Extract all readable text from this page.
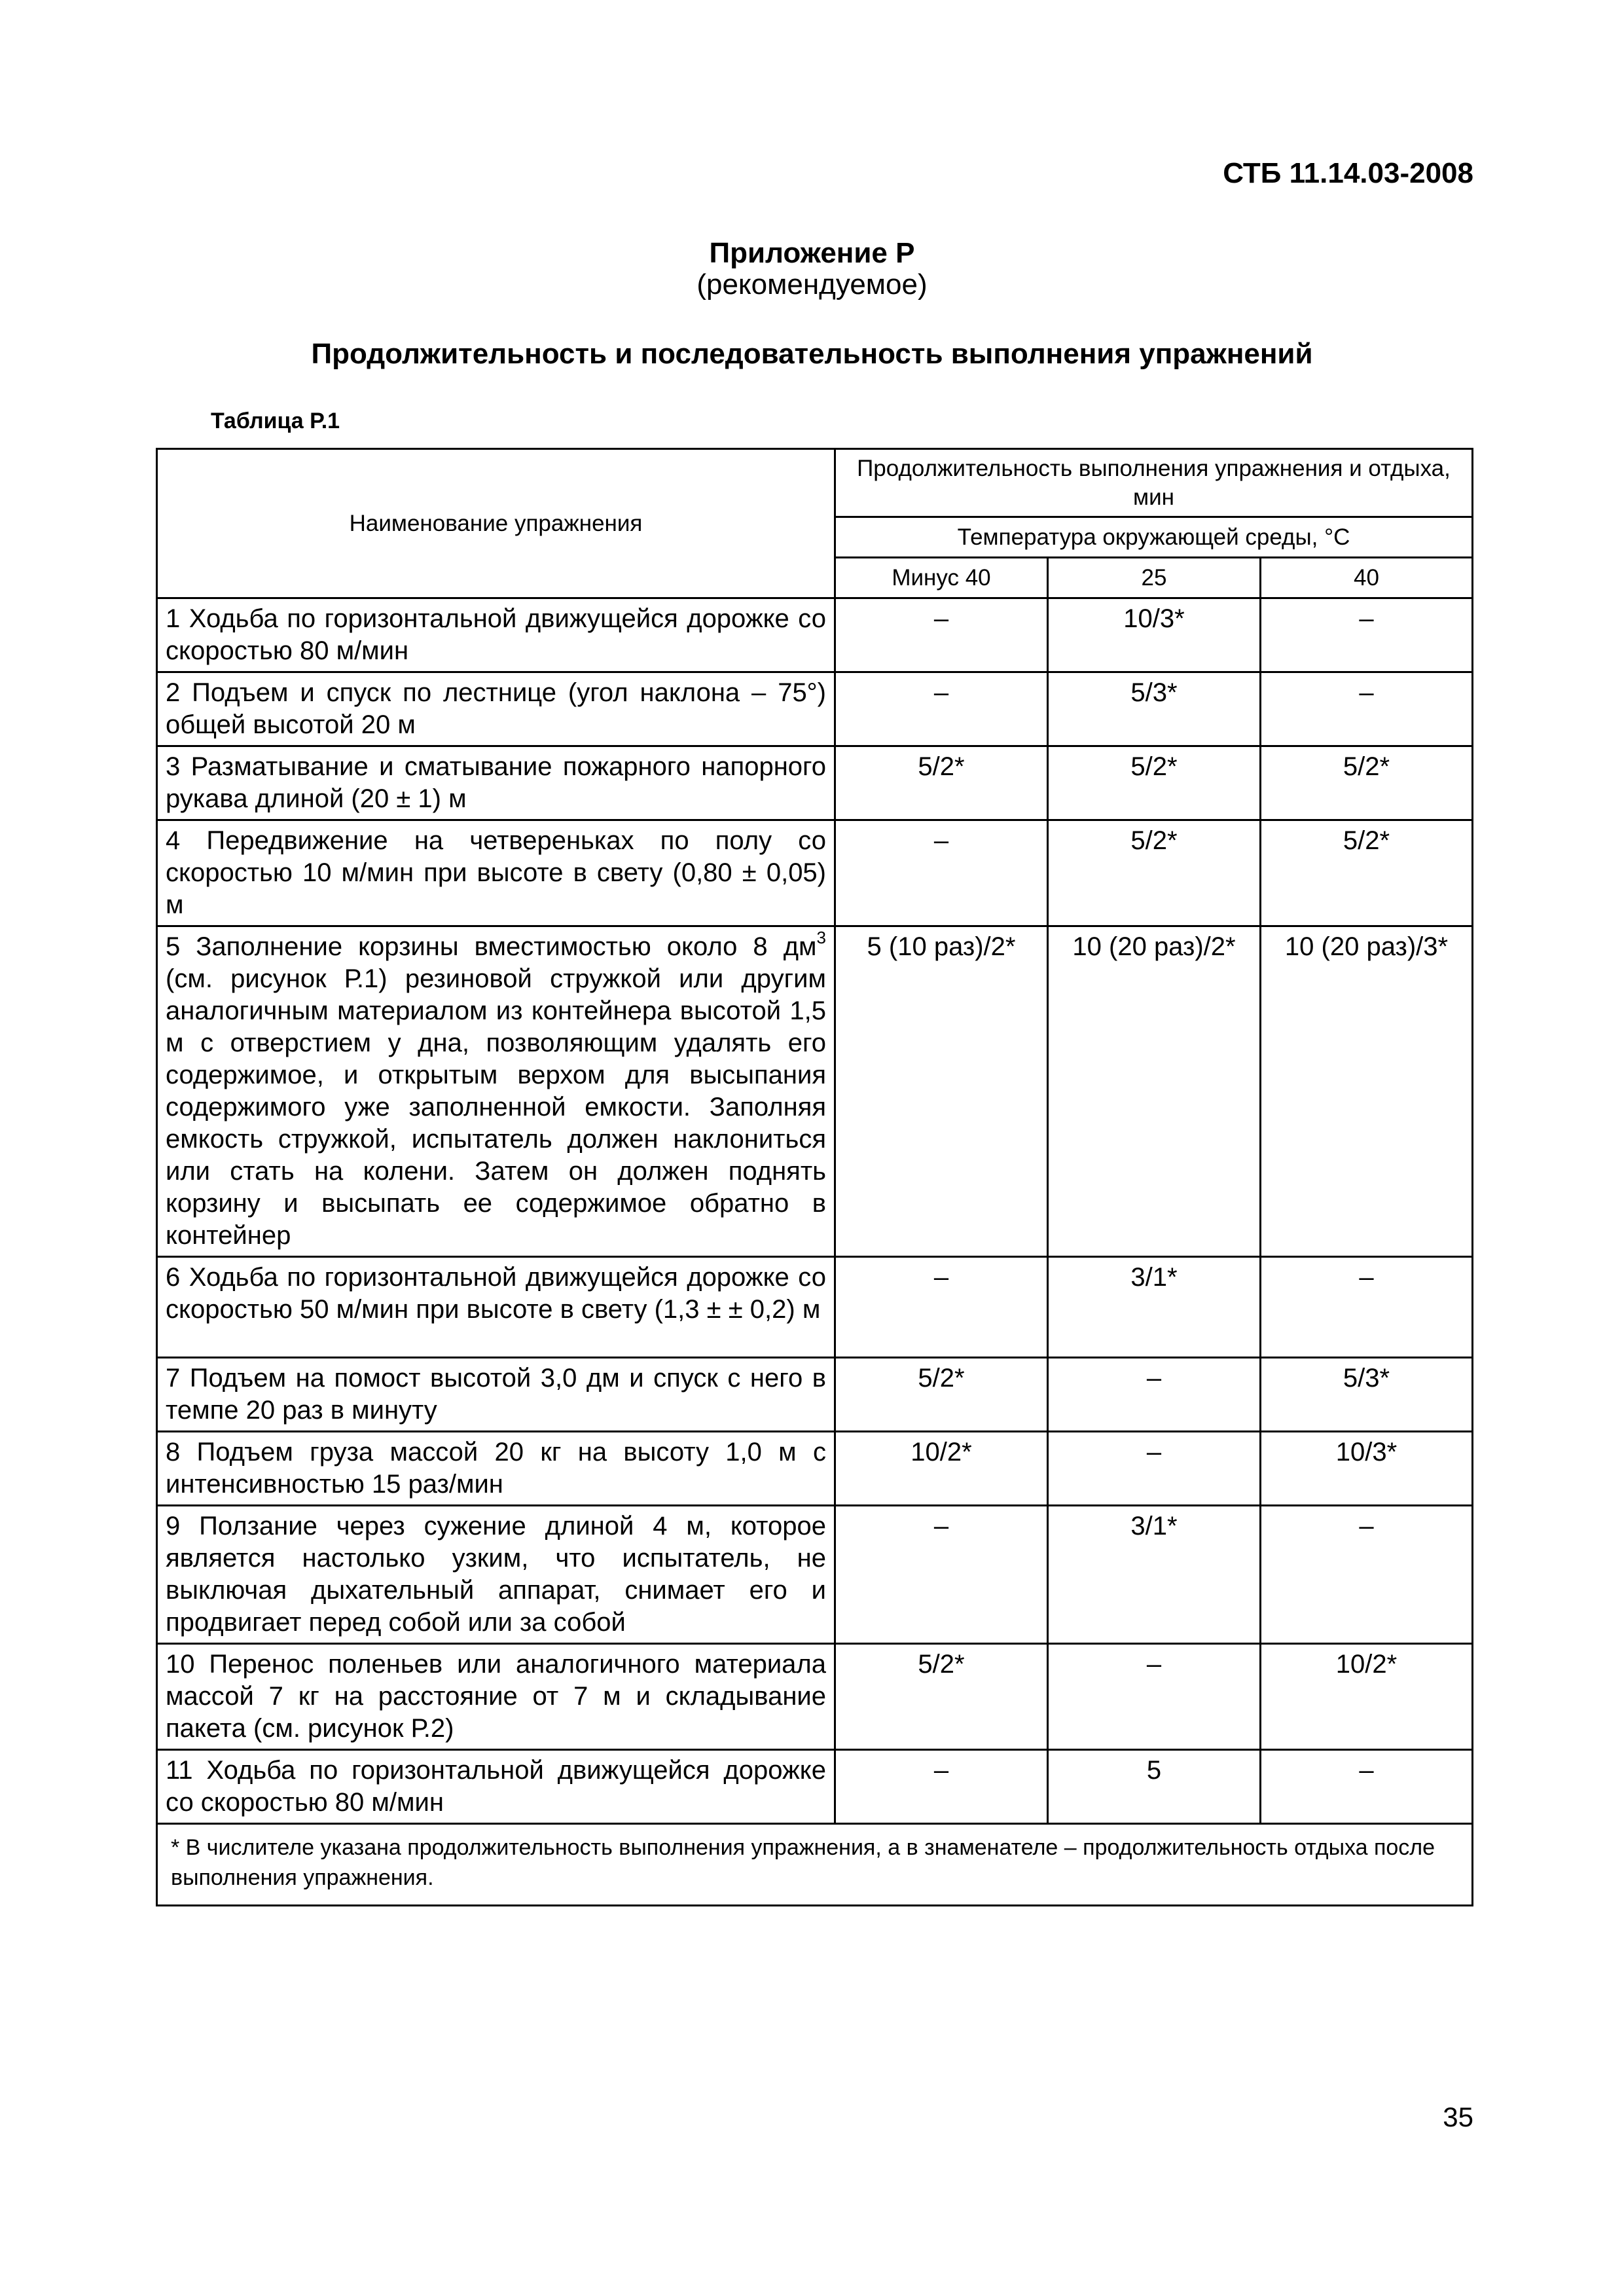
СТБ 11.14.03-2008
Приложение Р
(рекомендуемое)
Продолжительность и последовательность выполнения упражнений
Таблица Р.1
Наименование упражнения	Продолжительность выполнения упражнения и отдыха, мин		
	Температура окружающей среды, °С		
	Минус 40	25	40
1 Ходьба по горизонтальной движущейся дорожке со скоростью 80 м/мин	–	10/3*	–
2 Подъем и спуск по лестнице (угол наклона – 75°) общей высотой 20 м	–	5/3*	–
3 Разматывание и сматывание пожарного напорного рукава длиной (20 ± 1) м	5/2*	5/2*	5/2*
4 Передвижение на четвереньках по полу со скоростью 10 м/мин при высоте в свету (0,80 ± 0,05) м	–	5/2*	5/2*
5 Заполнение корзины вместимостью около 8 $дм^3$ (см. рисунок Р.1) резиновой стружкой или другим аналогичным материалом из контейнера высотой 1,5 м с отверстием у дна, позволяющим удалять его содержимое, и открытым верхом для высыпания содержимого уже заполненной емкости. Заполняя емкость стружкой, испытатель должен наклониться или стать на колени. Затем он должен поднять корзину и высыпать ее содержимое обратно в контейнер	5 (10 раз)/2*	10 (20 раз)/2*	10 (20 раз)/3*
6 Ходьба по горизонтальной движущейся дорожке со скоростью 50 м/мин при высоте в свету (1,3 ± ± 0,2) м	–	3/1*	–
7 Подъем на помост высотой 3,0 дм и спуск с него в темпе 20 раз в минуту	5/2*	–	5/3*
8 Подъем груза массой 20 кг на высоту 1,0 м с интенсивностью 15 раз/мин	10/2*	–	10/3*
9 Ползание через сужение длиной 4 м, которое является настолько узким, что испытатель, не выключая дыхательный аппарат, снимает его и продвигает перед собой или за собой	–	3/1*	–
10 Перенос поленьев или аналогичного материала массой 7 кг на расстояние от 7 м и складывание пакета (см. рисунок Р.2)	5/2*	–	10/2*
11 Ходьба по горизонтальной движущейся дорожке со скоростью 80 м/мин	–	5	–
* В числителе указана продолжительность выполнения упражнения, а в знаменателе – продолжительность отдыха после выполнения упражнения.			
35
